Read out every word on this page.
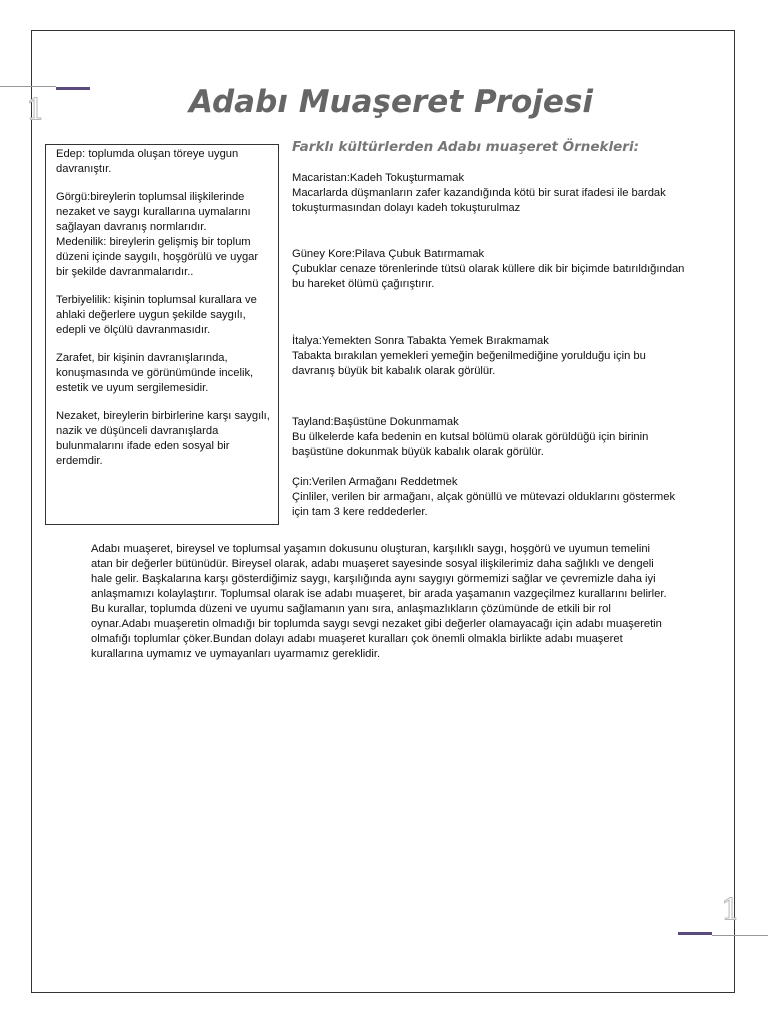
1
1
Adabı Muaşeret Projesi

Edep: toplumda oluşan töreye uygun davranıştır.

Görgü:bireylerin toplumsal ilişkilerinde nezaket ve saygı kurallarına uymalarını sağlayan davranış normlarıdır.

Medenilik: bireylerin gelişmiş bir toplum düzeni içinde saygılı, hoşgörülü ve uygar bir şekilde davranmalarıdır..

Terbiyelilik: kişinin toplumsal kurallara ve ahlaki değerlere uygun şekilde saygılı, edepli ve ölçülü davranmasıdır.

Zarafet, bir kişinin davranışlarında, konuşmasında ve görünümünde incelik, estetik ve uyum sergilemesidir.

Nezaket, bireylerin birbirlerine karşı saygılı, nazik ve düşünceli davranışlarda bulunmalarını ifade eden sosyal bir erdemdir.

Farklı kültürlerden Adabı muaşeret Örnekleri:
Macaristan:Kadeh Tokuşturmamak
Macarlarda düşmanların zafer kazandığında kötü bir surat ifadesi ile bardak tokuşturmasından dolayı kadeh tokuşturulmaz
Güney Kore:Pilava Çubuk Batırmamak
Çubuklar cenaze törenlerinde tütsü olarak küllere dik bir biçimde batırıldığından bu hareket ölümü çağırıştırır.
İtalya:Yemekten Sonra Tabakta Yemek Bırakmamak
Tabakta bırakılan yemekleri yemeğin beğenilmediğine yorulduğu için bu davranış büyük bit kabalık olarak görülür.
Tayland:Başüstüne Dokunmamak
Bu ülkelerde kafa bedenin en kutsal bölümü olarak görüldüğü için birinin başüstüne dokunmak büyük kabalık olarak görülür.
Çin:Verilen Armağanı Reddetmek
Çinliler, verilen bir armağanı, alçak gönüllü ve mütevazi olduklarını göstermek için tam 3 kere reddederler.

Adabı muaşeret, bireysel ve toplumsal yaşamın dokusunu oluşturan, karşılıklı saygı, hoşgörü ve uyumun temelini atan bir değerler bütünüdür. Bireysel olarak, adabı muaşeret sayesinde sosyal ilişkilerimiz daha sağlıklı ve dengeli hale gelir. Başkalarına karşı gösterdiğimiz saygı, karşılığında aynı saygıyı görmemizi sağlar ve çevremizle daha iyi anlaşmamızı kolaylaştırır. Toplumsal olarak ise adabı muaşeret, bir arada yaşamanın vazgeçilmez kurallarını belirler. Bu kurallar, toplumda düzeni ve uyumu sağlamanın yanı sıra, anlaşmazlıkların çözümünde de etkili bir rol oynar.Adabı muaşeretin olmadığı bir toplumda saygı sevgi nezaket gibi değerler olamayacağı için adabı muaşeretin olmafığı toplumlar çöker.Bundan dolayı adabı muaşeret kuralları çok önemli olmakla birlikte adabı muaşeret kurallarına uymamız ve uymayanları uyarmamız gereklidir.
